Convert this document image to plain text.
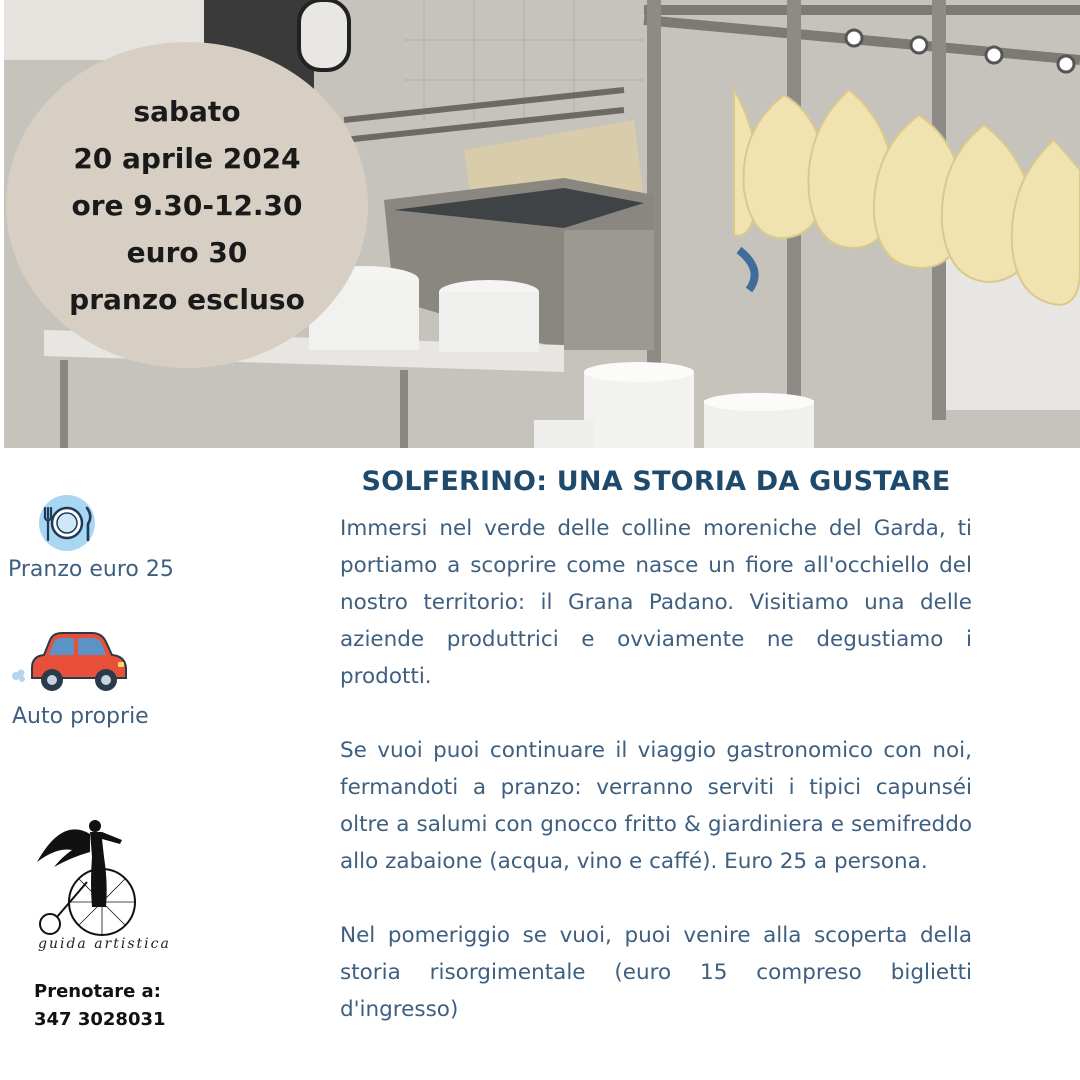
sabato
20 aprile 2024
ore 9.30-12.30
euro 30
pranzo escluso
SOLFERINO: UNA STORIA DA GUSTARE

Immersi nel verde delle colline moreniche del Garda, ti portiamo a scoprire come nasce un fiore all'occhiello del nostro territorio: il Grana Padano. Visitiamo una delle aziende produttrici e ovviamente ne degustiamo i prodotti.

Se vuoi puoi continuare il viaggio gastronomico con noi, fermandoti a pranzo: verranno serviti i tipici capunséi oltre a salumi con gnocco fritto & giardiniera e semifreddo allo zabaione (acqua, vino e caffé). Euro 25 a persona.

Nel pomeriggio se vuoi, puoi venire alla scoperta della storia risorgimentale (euro 15 compreso biglietti d'ingresso)

Pranzo euro 25
Auto proprie
guida artistica
Prenotare a:
347 3028031
